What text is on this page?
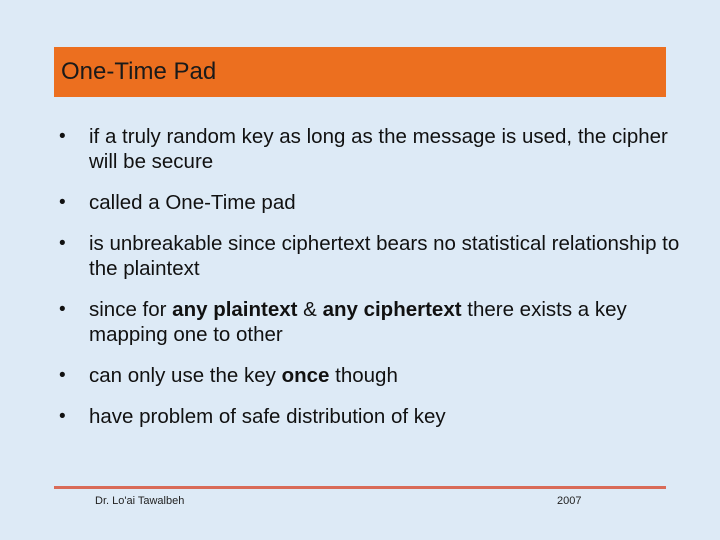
One-Time Pad
•	if a truly random key as long as the message is used, the cipher will be secure
•	called a One-Time pad
•	is unbreakable since ciphertext bears no statistical relationship to the plaintext
•	since for any plaintext & any ciphertext there exists a key mapping one to other
•	can only use the key once though
•	have problem of safe distribution of key
Dr. Lo'ai Tawalbeh	2007
